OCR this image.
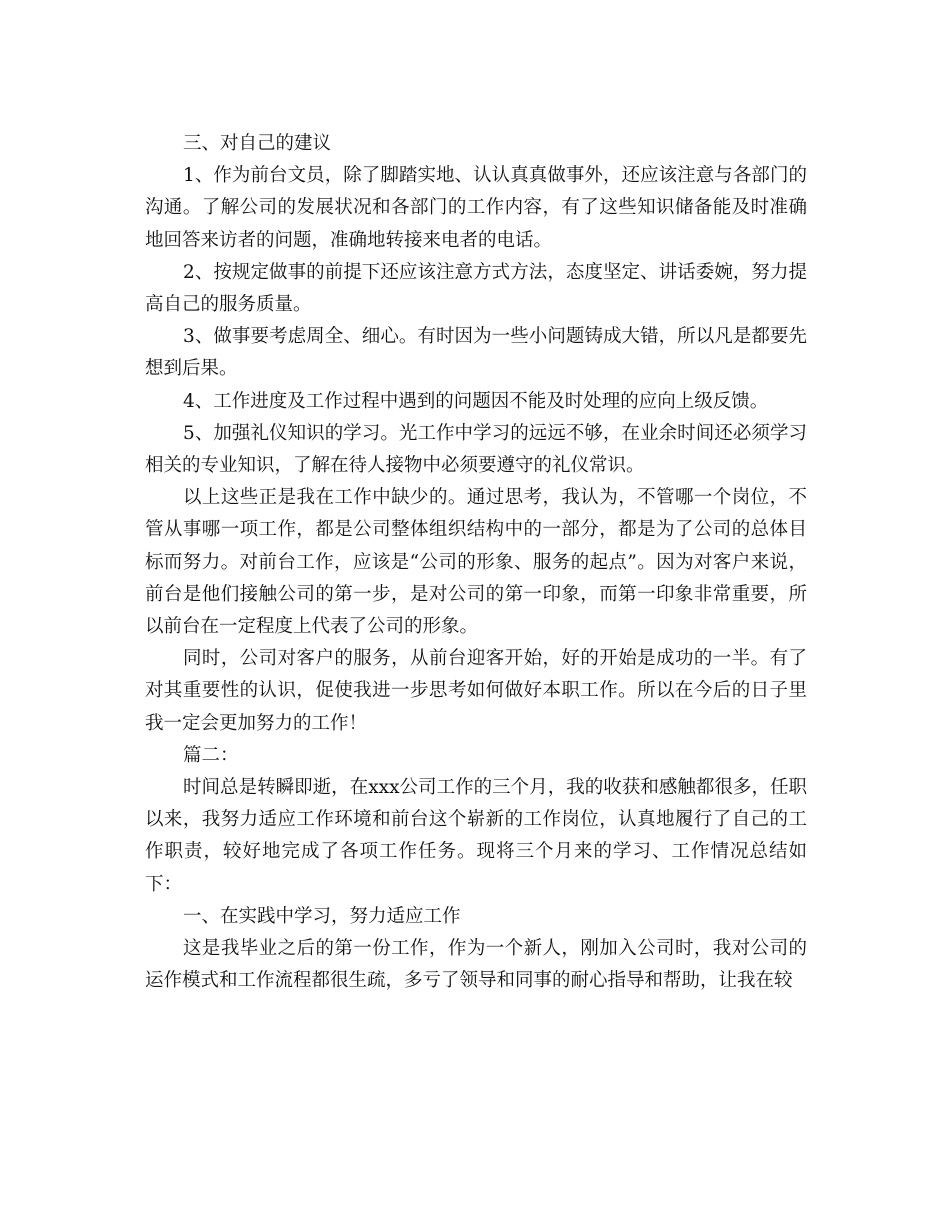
三、对自己的建议

1、作为前台文员，除了脚踏实地、认认真真做事外，还应该注意与各部门的沟通。了解公司的发展状况和各部门的工作内容，有了这些知识储备能及时准确地回答来访者的问题，准确地转接来电者的电话。

2、按规定做事的前提下还应该注意方式方法，态度坚定、讲话委婉，努力提高自己的服务质量。

3、做事要考虑周全、细心。有时因为一些小问题铸成大错，所以凡是都要先想到后果。

4、工作进度及工作过程中遇到的问题因不能及时处理的应向上级反馈。

5、加强礼仪知识的学习。光工作中学习的远远不够，在业余时间还必须学习相关的专业知识，了解在待人接物中必须要遵守的礼仪常识。

以上这些正是我在工作中缺少的。通过思考，我认为，不管哪一个岗位，不管从事哪一项工作，都是公司整体组织结构中的一部分，都是为了公司的总体目标而努力。对前台工作，应该是“公司的形象、服务的起点”。因为对客户来说，前台是他们接触公司的第一步，是对公司的第一印象，而第一印象非常重要，所以前台在一定程度上代表了公司的形象。

同时，公司对客户的服务，从前台迎客开始，好的开始是成功的一半。有了对其重要性的认识，促使我进一步思考如何做好本职工作。所以在今后的日子里我一定会更加努力的工作！

篇二：

时间总是转瞬即逝，在xxx公司工作的三个月，我的收获和感触都很多，任职以来，我努力适应工作环境和前台这个崭新的工作岗位，认真地履行了自己的工作职责，较好地完成了各项工作任务。现将三个月来的学习、工作情况总结如下：

一、在实践中学习，努力适应工作

这是我毕业之后的第一份工作，作为一个新人，刚加入公司时，我对公司的运作模式和工作流程都很生疏，多亏了领导和同事的耐心指导和帮助，让我在较
